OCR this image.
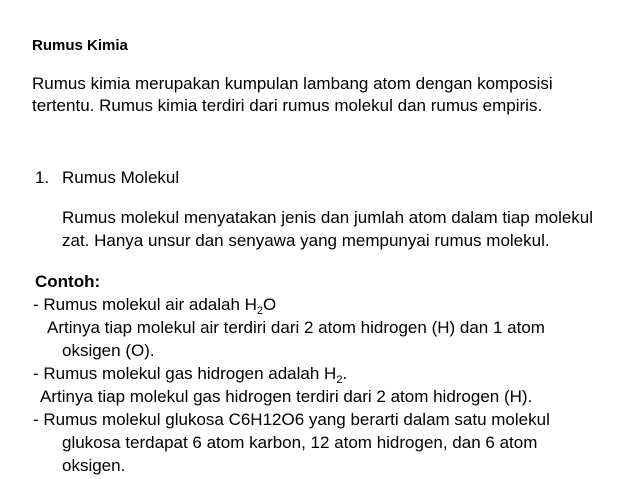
Rumus Kimia
Rumus kimia merupakan kumpulan lambang atom dengan komposisi
tertentu. Rumus kimia terdiri dari rumus molekul dan rumus empiris.
1. Rumus Molekul
Rumus molekul menyatakan jenis dan jumlah atom dalam tiap molekul
zat. Hanya unsur dan senyawa yang mempunyai rumus molekul.
Contoh:
- Rumus molekul air adalah $H_2O$
Artinya tiap molekul air terdiri dari 2 atom hidrogen (H) dan 1 atom
oksigen (O).
- Rumus molekul gas hidrogen adalah $H_2$.
Artinya tiap molekul gas hidrogen terdiri dari 2 atom hidrogen (H).
- Rumus molekul glukosa C6H12O6 yang berarti dalam satu molekul
glukosa terdapat 6 atom karbon, 12 atom hidrogen, dan 6 atom
oksigen.
